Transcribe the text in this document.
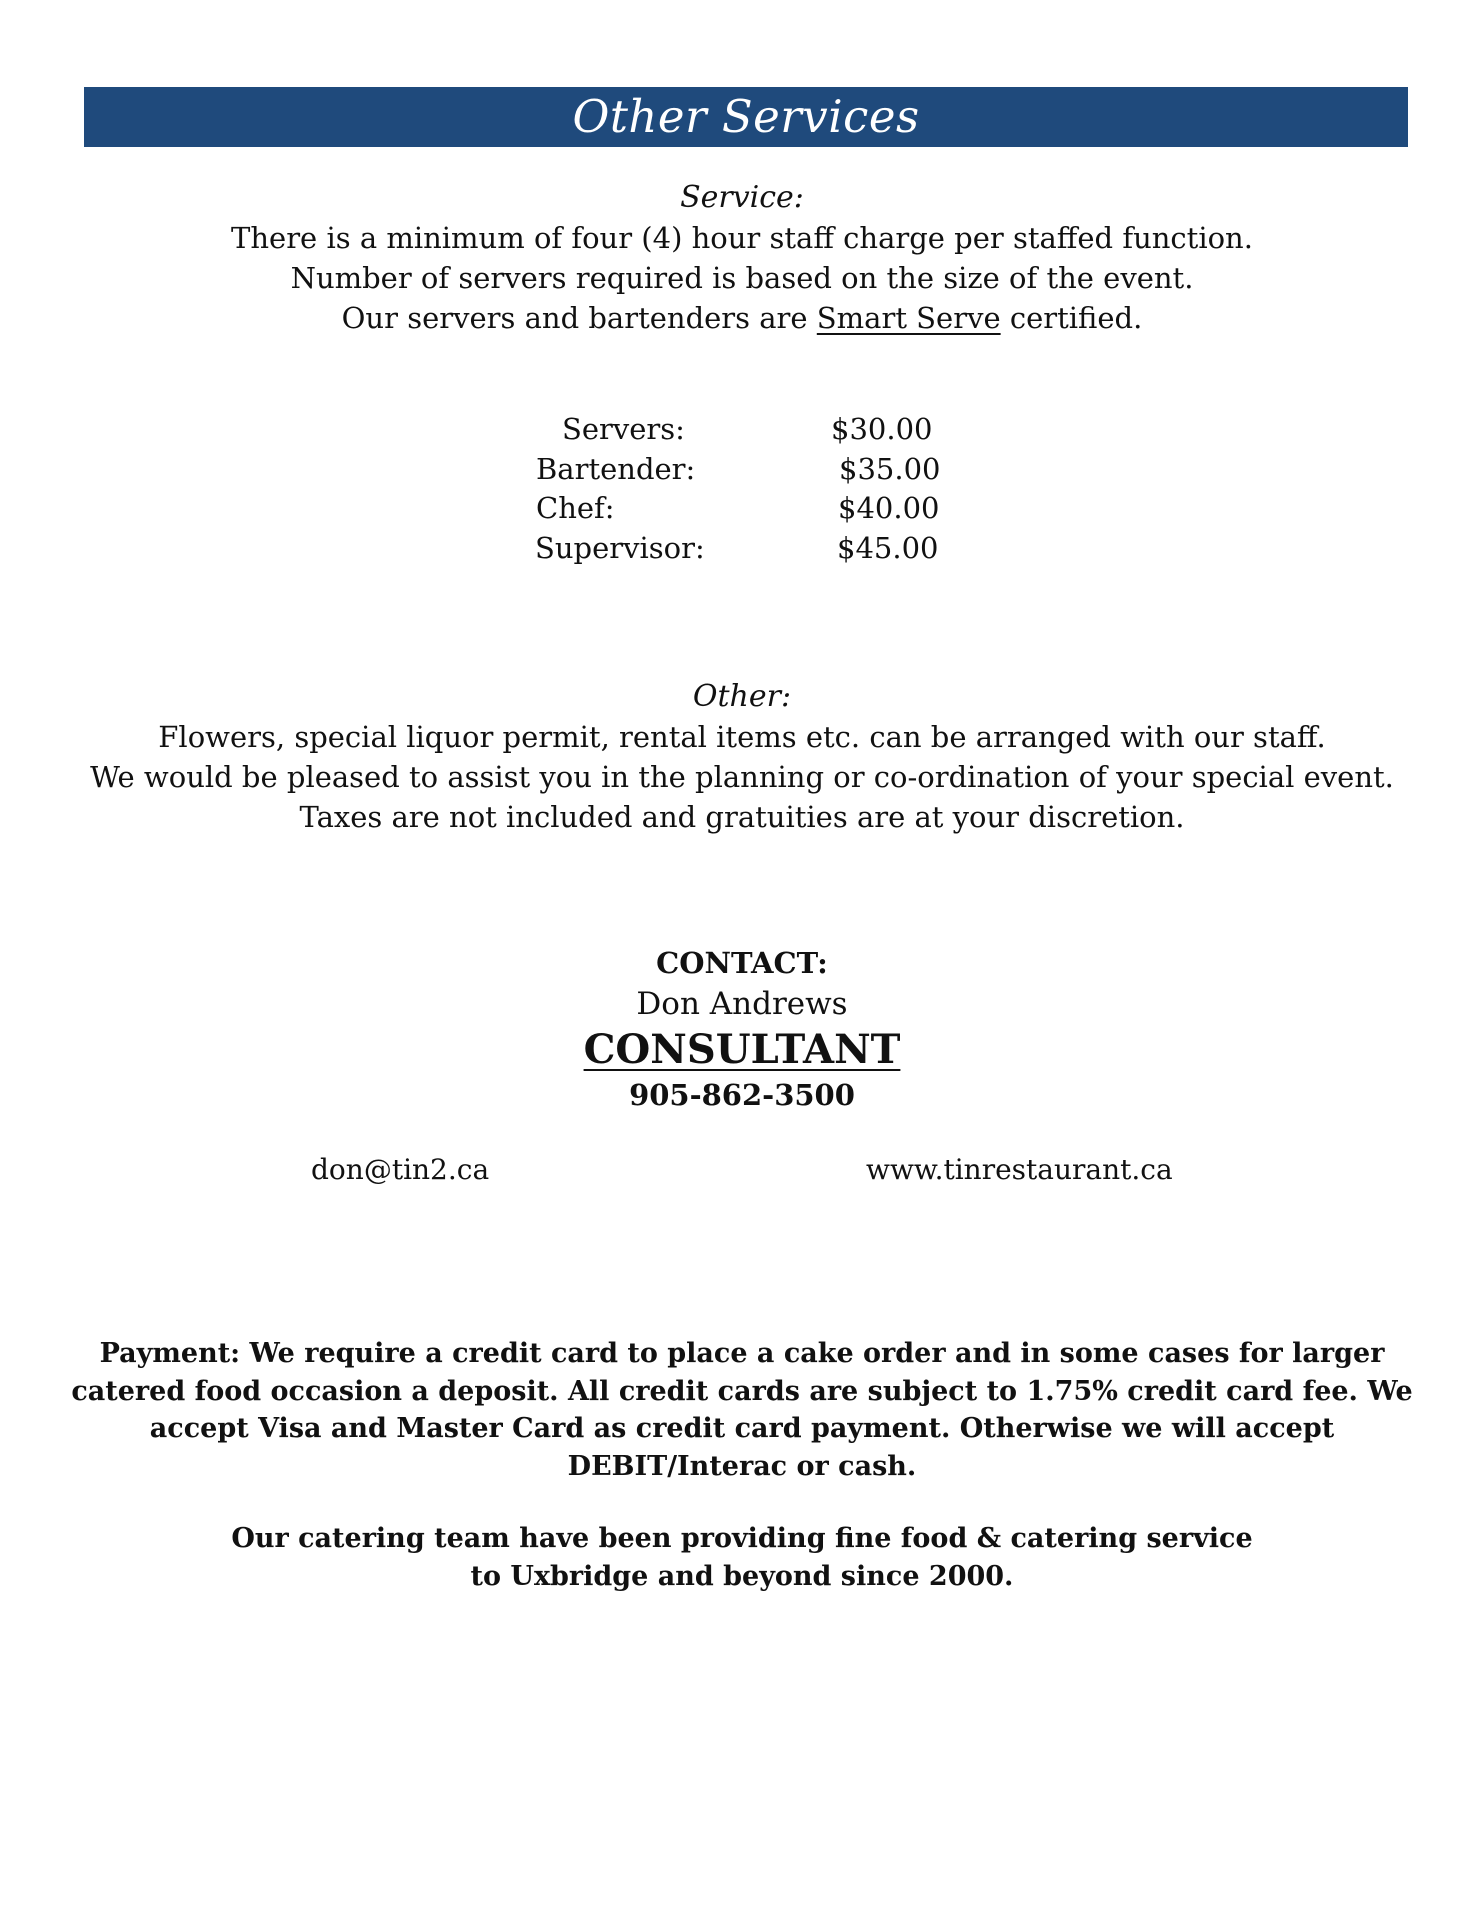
Other Services

Service:

There is a minimum of four (4) hour staff charge per staffed function.

Number of servers required is based on the size of the event.

Our servers and bartenders are Smart Serve certified.

Servers:	$30.00
Bartender:	$35.00
Chef:	$40.00
Supervisor:	$45.00

Other:

Flowers, special liquor permit, rental items etc. can be arranged with our staff.

We would be pleased to assist you in the planning or co-ordination of your special event.

Taxes are not included and gratuities are at your discretion.

CONTACT:

Don Andrews

CONSULTANT

905-862-3500

don@tin2.ca	www.tinrestaurant.ca

Payment: We require a credit card to place a cake order and in some cases for larger

catered food occasion a deposit. All credit cards are subject to 1.75% credit card fee. We

accept Visa and Master Card as credit card payment. Otherwise we will accept

DEBIT/Interac or cash.

Our catering team have been providing fine food & catering service

to Uxbridge and beyond since 2000.
